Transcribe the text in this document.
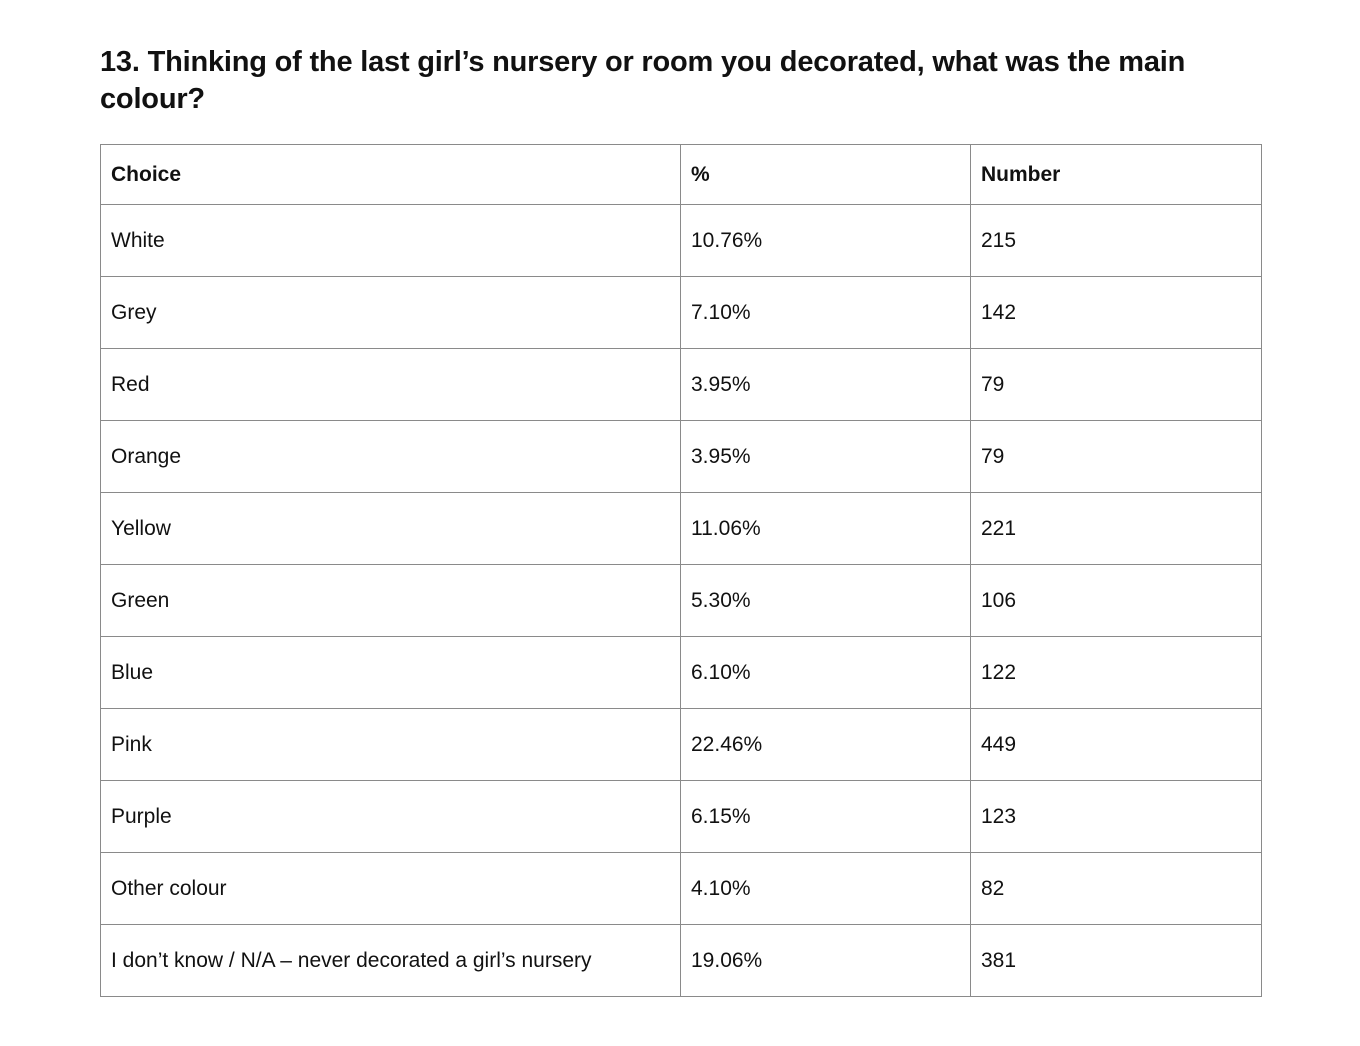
13. Thinking of the last girl’s nursery or room you decorated, what was the main colour?
Choice	%	Number
White	10.76%	215
Grey	7.10%	142
Red	3.95%	79
Orange	3.95%	79
Yellow	11.06%	221
Green	5.30%	106
Blue	6.10%	122
Pink	22.46%	449
Purple	6.15%	123
Other colour	4.10%	82
I don’t know / N/A – never decorated a girl’s nursery	19.06%	381
